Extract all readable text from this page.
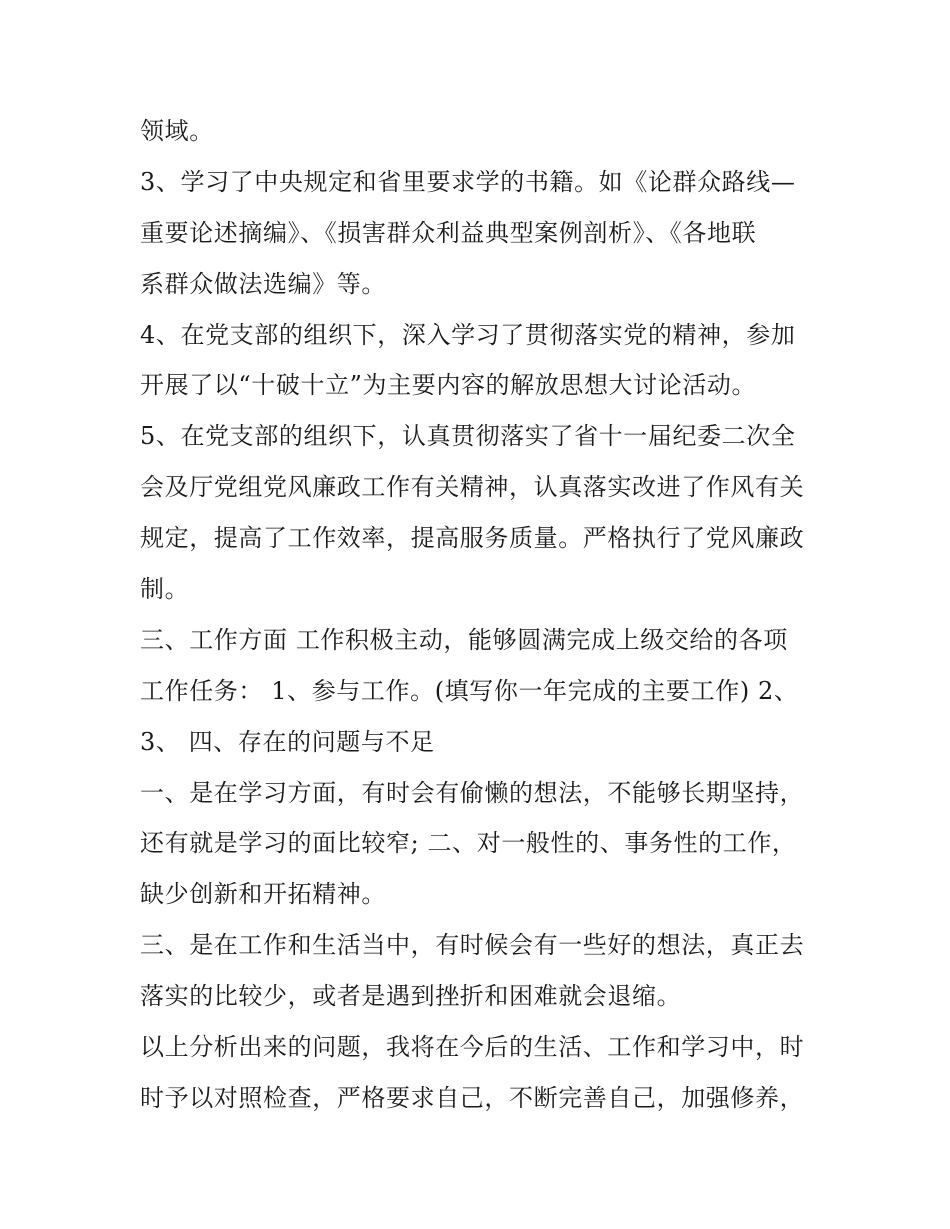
领域。
3、学习了中央规定和省里要求学的书籍。如《论群众路线—
重要论述摘编》、《损害群众利益典型案例剖析》、《各地联
系群众做法选编》等。
4、在党支部的组织下，深入学习了贯彻落实党的精神，参加
开展了以“十破十立”为主要内容的解放思想大讨论活动。
5、在党支部的组织下，认真贯彻落实了省十一届纪委二次全
会及厅党组党风廉政工作有关精神，认真落实改进了作风有关
规定，提高了工作效率，提高服务质量。严格执行了党风廉政
制。
三、工作方面 工作积极主动，能够圆满完成上级交给的各项
工作任务： 1、参与工作。(填写你一年完成的主要工作) 2、
3、 四、存在的问题与不足
一、是在学习方面，有时会有偷懒的想法，不能够长期坚持，
还有就是学习的面比较窄; 二、对一般性的、事务性的工作，
缺少创新和开拓精神。
三、是在工作和生活当中，有时候会有一些好的想法，真正去
落实的比较少，或者是遇到挫折和困难就会退缩。
以上分析出来的问题，我将在今后的生活、工作和学习中，时
时予以对照检查，严格要求自己，不断完善自己，加强修养，
